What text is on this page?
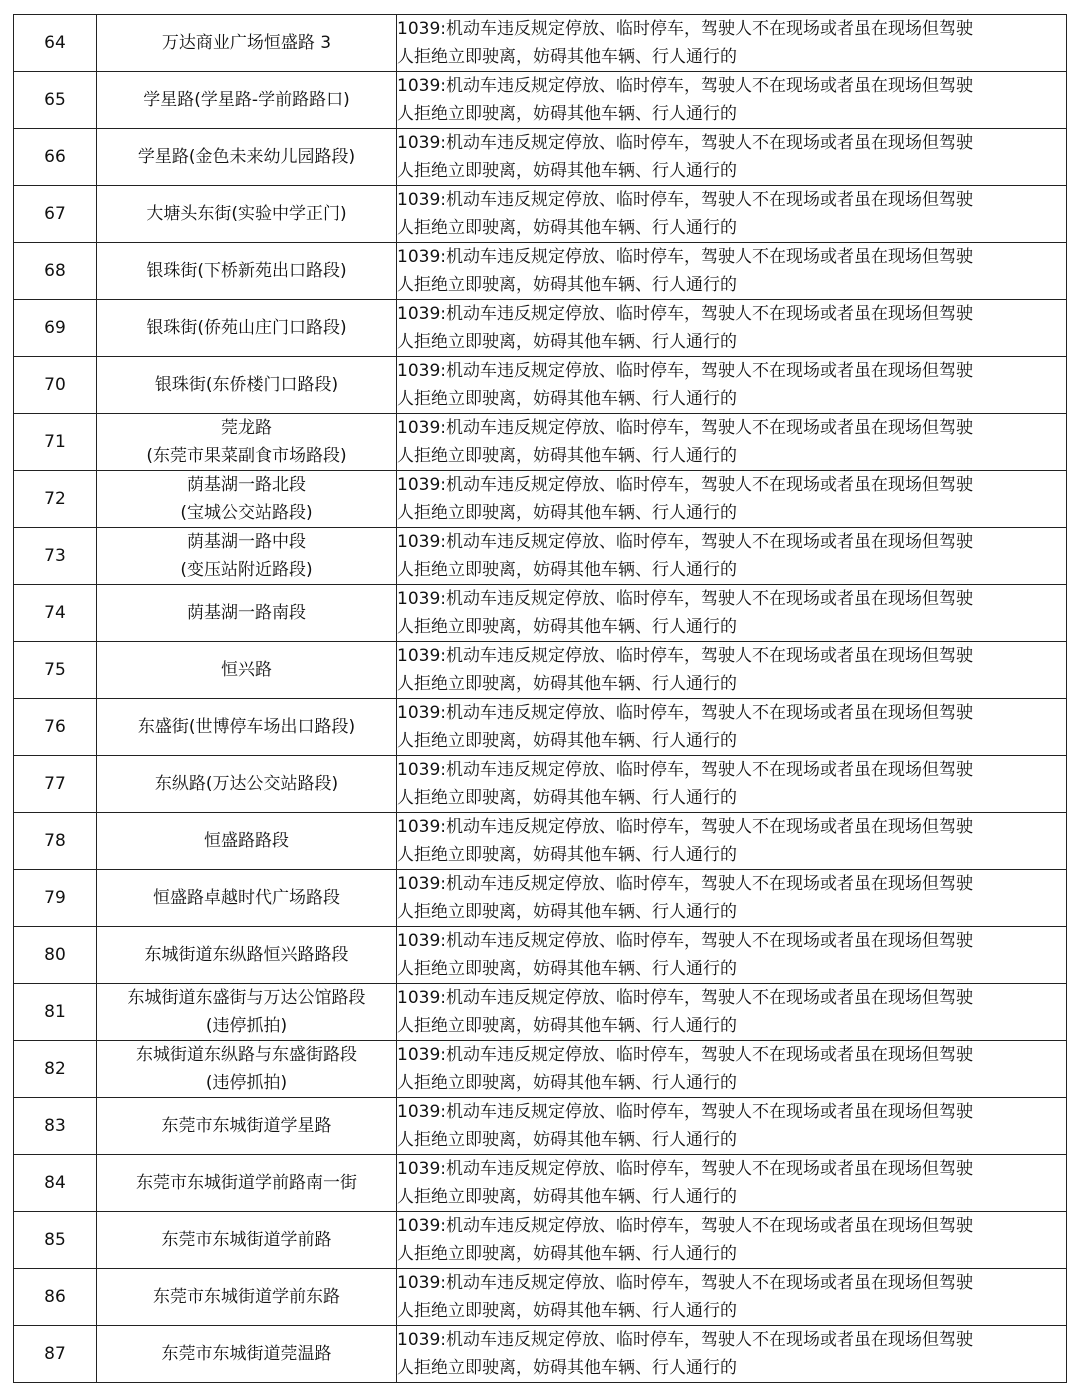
64	万达商业广场恒盛路 3	1039:机动车违反规定停放、临时停车，驾驶人不在现场或者虽在现场但驾驶
人拒绝立即驶离，妨碍其他车辆、行人通行的

65	学星路(学星路-学前路路口)	1039:机动车违反规定停放、临时停车，驾驶人不在现场或者虽在现场但驾驶
人拒绝立即驶离，妨碍其他车辆、行人通行的

66	学星路(金色未来幼儿园路段)	1039:机动车违反规定停放、临时停车，驾驶人不在现场或者虽在现场但驾驶
人拒绝立即驶离，妨碍其他车辆、行人通行的

67	大塘头东街(实验中学正门)	1039:机动车违反规定停放、临时停车，驾驶人不在现场或者虽在现场但驾驶
人拒绝立即驶离，妨碍其他车辆、行人通行的

68	银珠街(下桥新苑出口路段)	1039:机动车违反规定停放、临时停车，驾驶人不在现场或者虽在现场但驾驶
人拒绝立即驶离，妨碍其他车辆、行人通行的

69	银珠街(侨苑山庄门口路段)	1039:机动车违反规定停放、临时停车，驾驶人不在现场或者虽在现场但驾驶
人拒绝立即驶离，妨碍其他车辆、行人通行的

70	银珠街(东侨楼门口路段)	1039:机动车违反规定停放、临时停车，驾驶人不在现场或者虽在现场但驾驶
人拒绝立即驶离，妨碍其他车辆、行人通行的

71	莞龙路
(东莞市果菜副食市场路段)	1039:机动车违反规定停放、临时停车，驾驶人不在现场或者虽在现场但驾驶
人拒绝立即驶离，妨碍其他车辆、行人通行的

72	荫基湖一路北段
(宝城公交站路段)	1039:机动车违反规定停放、临时停车，驾驶人不在现场或者虽在现场但驾驶
人拒绝立即驶离，妨碍其他车辆、行人通行的

73	荫基湖一路中段
(变压站附近路段)	1039:机动车违反规定停放、临时停车，驾驶人不在现场或者虽在现场但驾驶
人拒绝立即驶离，妨碍其他车辆、行人通行的

74	荫基湖一路南段	1039:机动车违反规定停放、临时停车，驾驶人不在现场或者虽在现场但驾驶
人拒绝立即驶离，妨碍其他车辆、行人通行的

75	恒兴路	1039:机动车违反规定停放、临时停车，驾驶人不在现场或者虽在现场但驾驶
人拒绝立即驶离，妨碍其他车辆、行人通行的

76	东盛街(世博停车场出口路段)	1039:机动车违反规定停放、临时停车，驾驶人不在现场或者虽在现场但驾驶
人拒绝立即驶离，妨碍其他车辆、行人通行的

77	东纵路(万达公交站路段)	1039:机动车违反规定停放、临时停车，驾驶人不在现场或者虽在现场但驾驶
人拒绝立即驶离，妨碍其他车辆、行人通行的

78	恒盛路路段	1039:机动车违反规定停放、临时停车，驾驶人不在现场或者虽在现场但驾驶
人拒绝立即驶离，妨碍其他车辆、行人通行的

79	恒盛路卓越时代广场路段	1039:机动车违反规定停放、临时停车，驾驶人不在现场或者虽在现场但驾驶
人拒绝立即驶离，妨碍其他车辆、行人通行的

80	东城街道东纵路恒兴路路段	1039:机动车违反规定停放、临时停车，驾驶人不在现场或者虽在现场但驾驶
人拒绝立即驶离，妨碍其他车辆、行人通行的

81	东城街道东盛街与万达公馆路段
(违停抓拍)	1039:机动车违反规定停放、临时停车，驾驶人不在现场或者虽在现场但驾驶
人拒绝立即驶离，妨碍其他车辆、行人通行的

82	东城街道东纵路与东盛街路段
(违停抓拍)	1039:机动车违反规定停放、临时停车，驾驶人不在现场或者虽在现场但驾驶
人拒绝立即驶离，妨碍其他车辆、行人通行的

83	东莞市东城街道学星路	1039:机动车违反规定停放、临时停车，驾驶人不在现场或者虽在现场但驾驶
人拒绝立即驶离，妨碍其他车辆、行人通行的

84	东莞市东城街道学前路南一街	1039:机动车违反规定停放、临时停车，驾驶人不在现场或者虽在现场但驾驶
人拒绝立即驶离，妨碍其他车辆、行人通行的

85	东莞市东城街道学前路	1039:机动车违反规定停放、临时停车，驾驶人不在现场或者虽在现场但驾驶
人拒绝立即驶离，妨碍其他车辆、行人通行的

86	东莞市东城街道学前东路	1039:机动车违反规定停放、临时停车，驾驶人不在现场或者虽在现场但驾驶
人拒绝立即驶离，妨碍其他车辆、行人通行的

87	东莞市东城街道莞温路	1039:机动车违反规定停放、临时停车，驾驶人不在现场或者虽在现场但驾驶
人拒绝立即驶离，妨碍其他车辆、行人通行的
